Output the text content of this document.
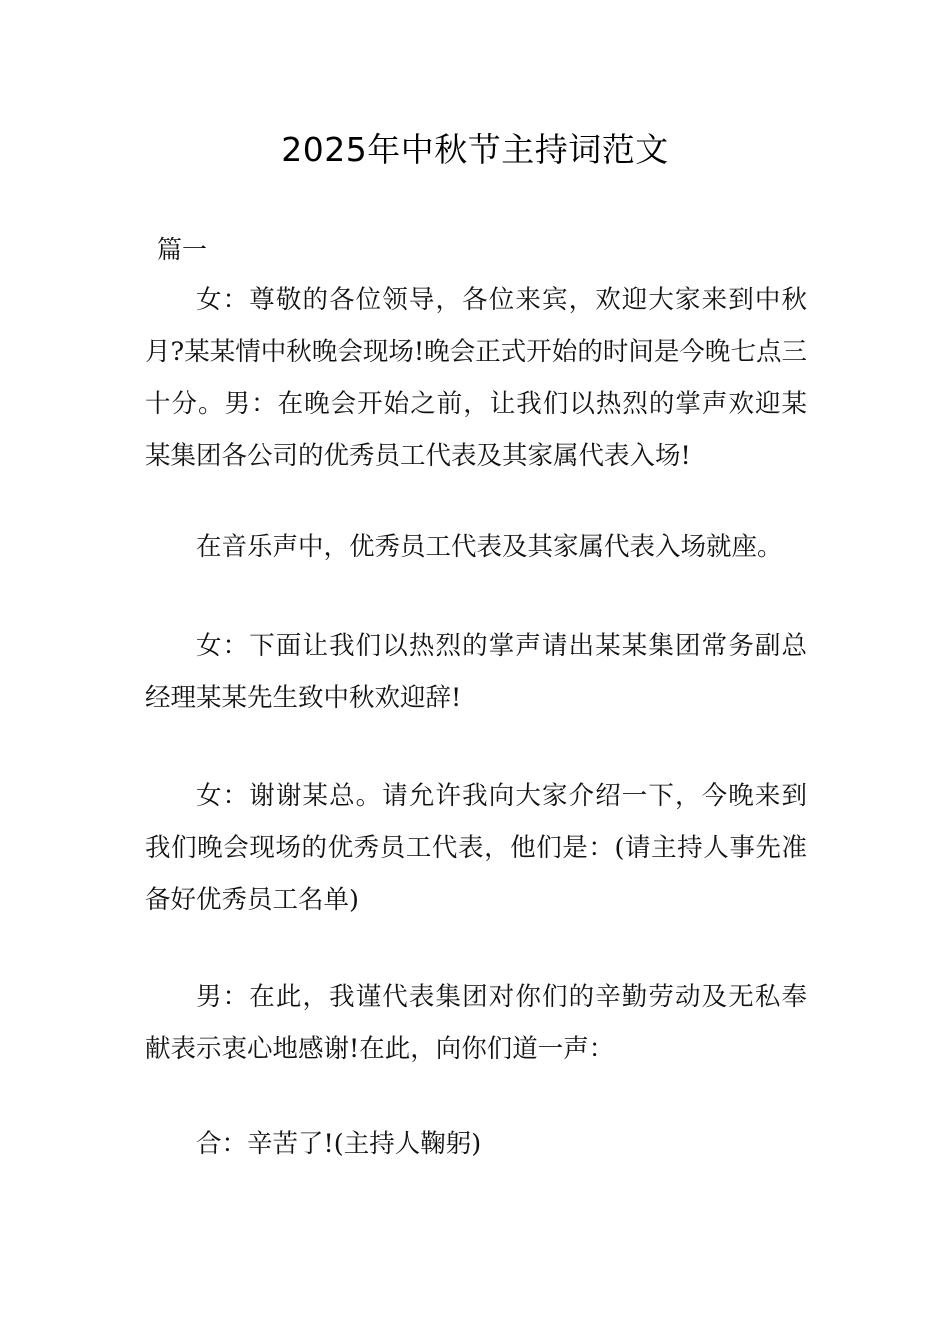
2025年中秋节主持词范文
篇一

女：尊敬的各位领导，各位来宾，欢迎大家来到中秋月?某某情中秋晚会现场!晚会正式开始的时间是今晚七点三十分。男：在晚会开始之前，让我们以热烈的掌声欢迎某某集团各公司的优秀员工代表及其家属代表入场!

在音乐声中，优秀员工代表及其家属代表入场就座。

女：下面让我们以热烈的掌声请出某某集团常务副总经理某某先生致中秋欢迎辞!

女：谢谢某总。请允许我向大家介绍一下，今晚来到我们晚会现场的优秀员工代表，他们是：(请主持人事先准备好优秀员工名单)

男：在此，我谨代表集团对你们的辛勤劳动及无私奉献表示衷心地感谢!在此，向你们道一声：

合：辛苦了!(主持人鞠躬)
